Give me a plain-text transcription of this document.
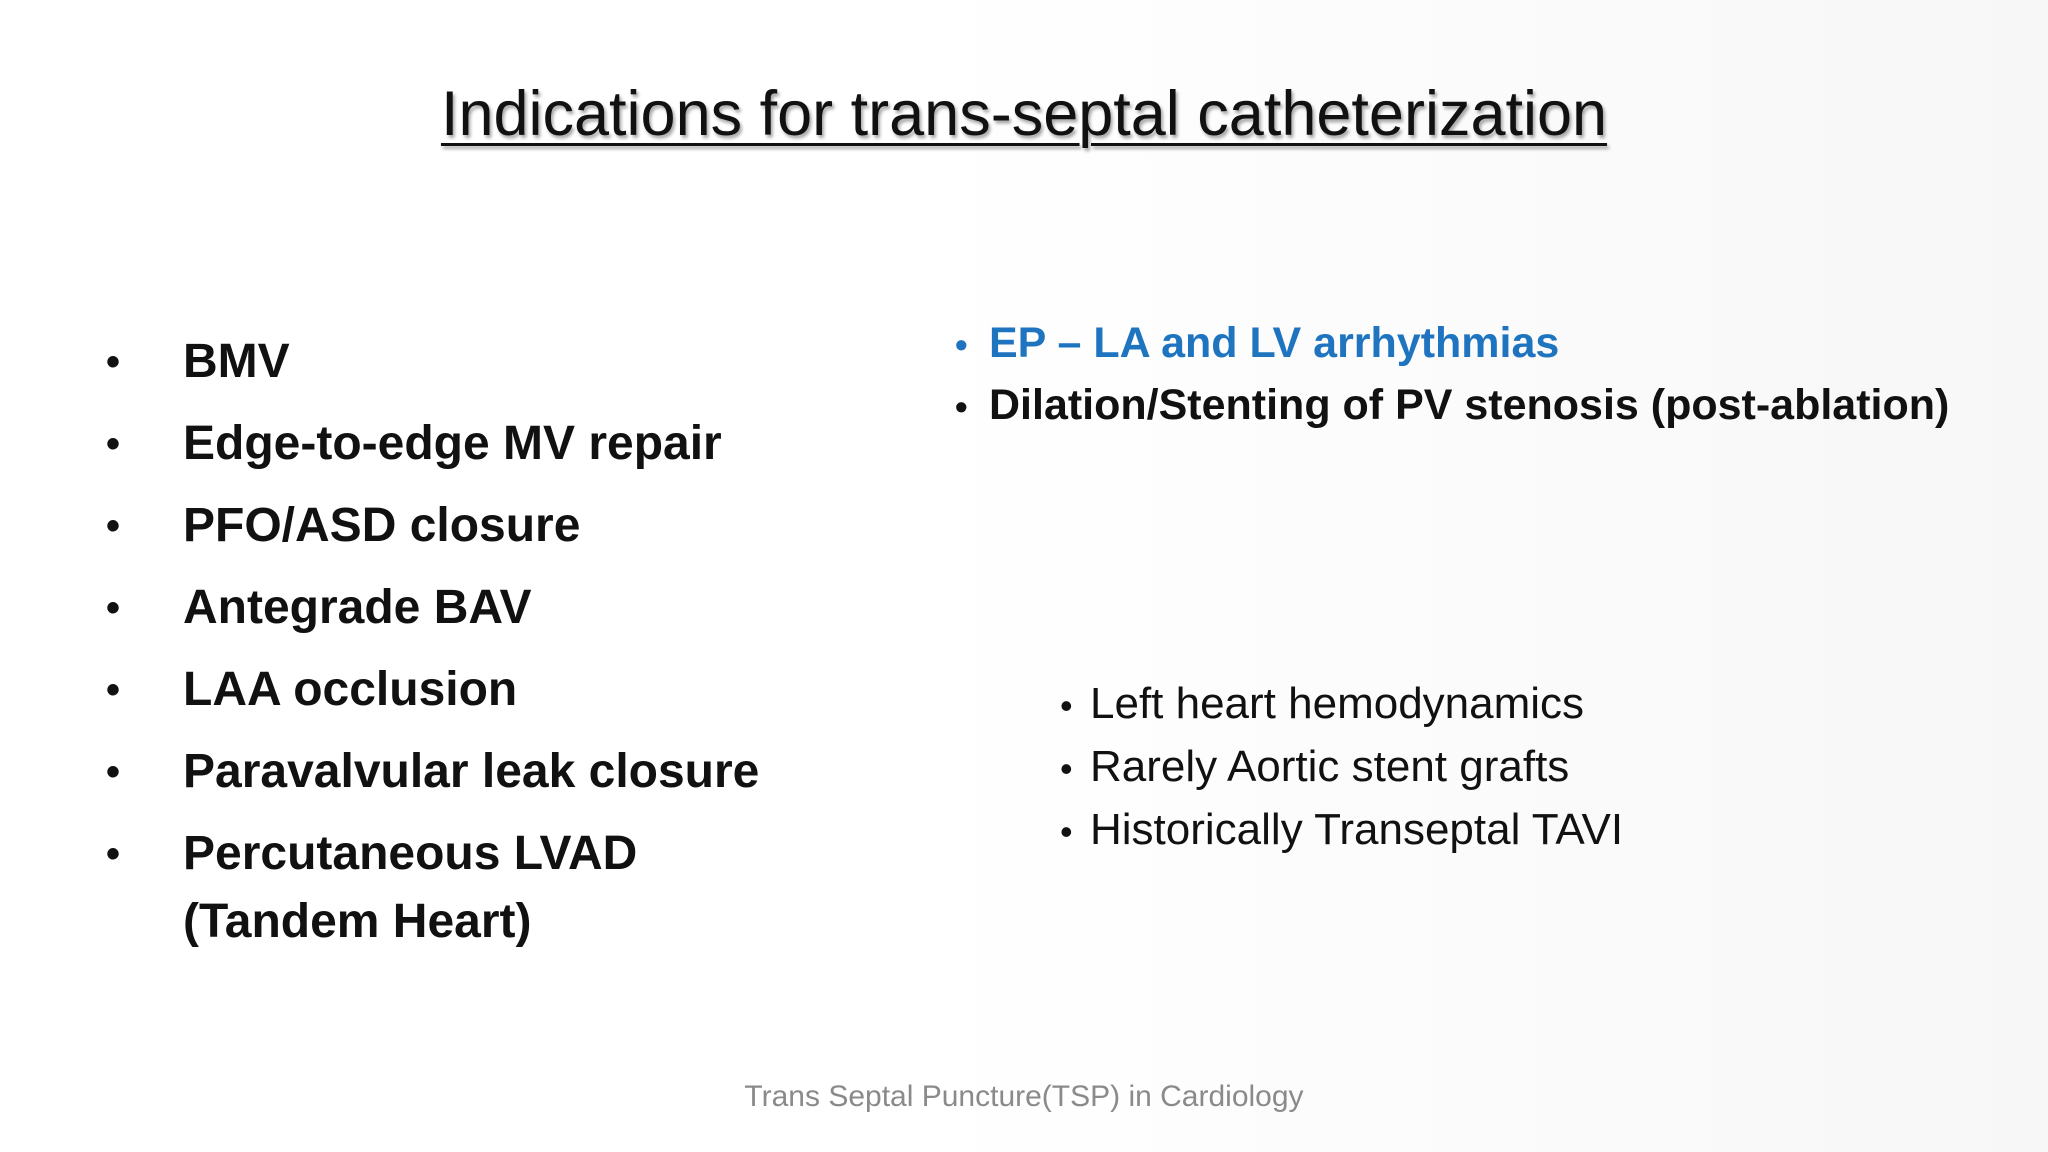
Indications for trans-septal catheterization
• BMV
• Edge-to-edge MV repair
• PFO/ASD closure
• Antegrade BAV
• LAA occlusion
• Paravalvular leak closure
• Percutaneous LVAD
(Tandem Heart)
• EP – LA and LV arrhythmias
• Dilation/Stenting of PV stenosis (post-ablation)
• Left heart hemodynamics
• Rarely Aortic stent grafts
• Historically Transeptal TAVI
Trans Septal Puncture(TSP) in Cardiology
